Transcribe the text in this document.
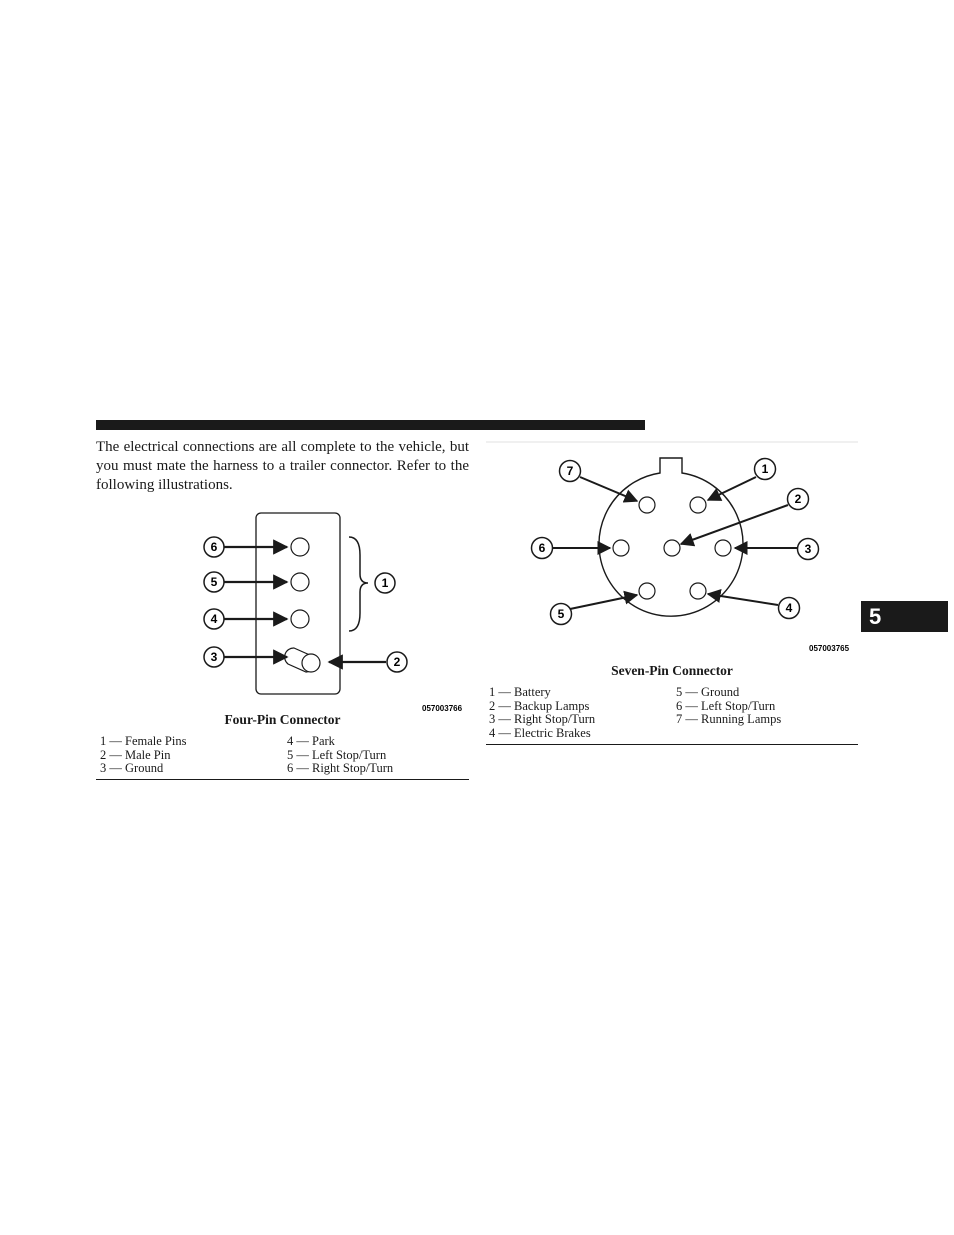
The electrical connections are all complete to the vehicle, but you must mate the harness to a trailer connector. Refer to the following illustrations.

6
5
4
3
1
2
057003766
Four-Pin Connector
1 — Female Pins	4 — Park
2 — Male Pin	5 — Left Stop/Turn
3 — Ground	6 — Right Stop/Turn
7	1
2
6	3
5	4
057003765
Seven-Pin Connector
1 — Battery	5 — Ground
2 — Backup Lamps	6 — Left Stop/Turn
3 — Right Stop/Turn	7 — Running Lamps
4 — Electric Brakes
5
